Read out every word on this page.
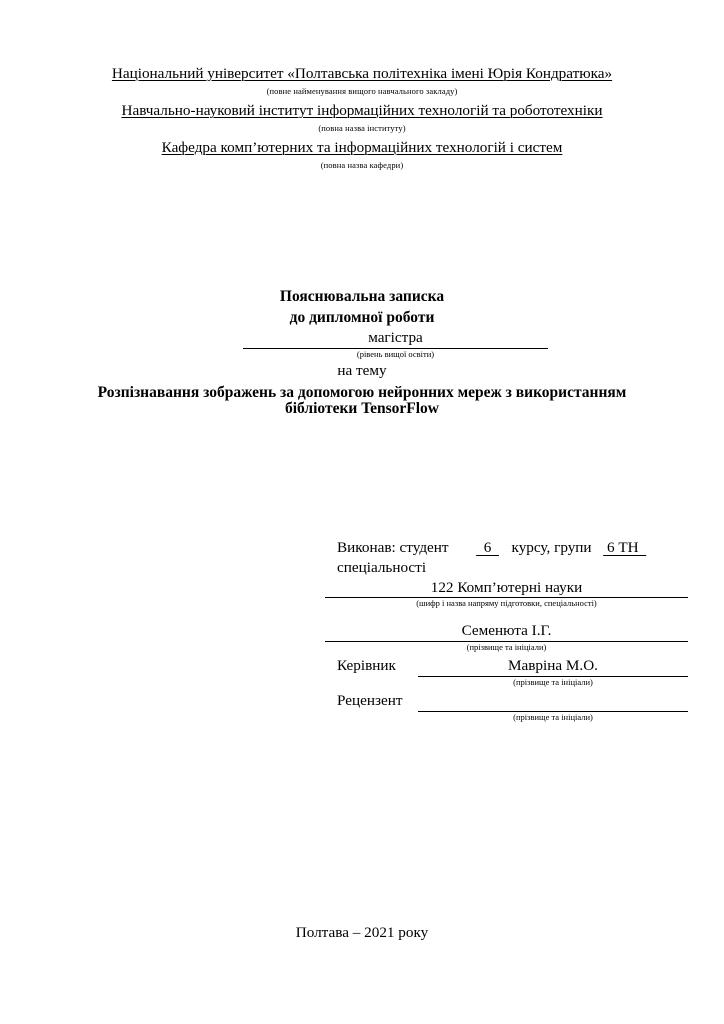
Національний університет «Полтавська політехніка імені Юрія Кондратюка»
(повне найменування вищого навчального закладу)
Навчально-науковий інститут інформаційних технологій та робототехніки
(повна назва інституту)
Кафедра комп’ютерних та інформаційних технологій і систем
(повна назва кафедри)
Пояснювальна записка
до дипломної роботи
магістра
(рівень вищої освіти)
на тему
Розпізнавання зображень за допомогою нейронних мереж з використанням
бібліотеки TensorFlow
Виконав: студент 6 курсу, групи 6 ТН
спеціальності
122 Комп’ютерні науки
(шифр і назва напряму підготовки, спеціальності)
Семенюта І.Г.
(прізвище та ініціали)
Керівник	Мавріна М.О.
(прізвище та ініціали)
Рецензент
(прізвище та ініціали)
Полтава – 2021 року
